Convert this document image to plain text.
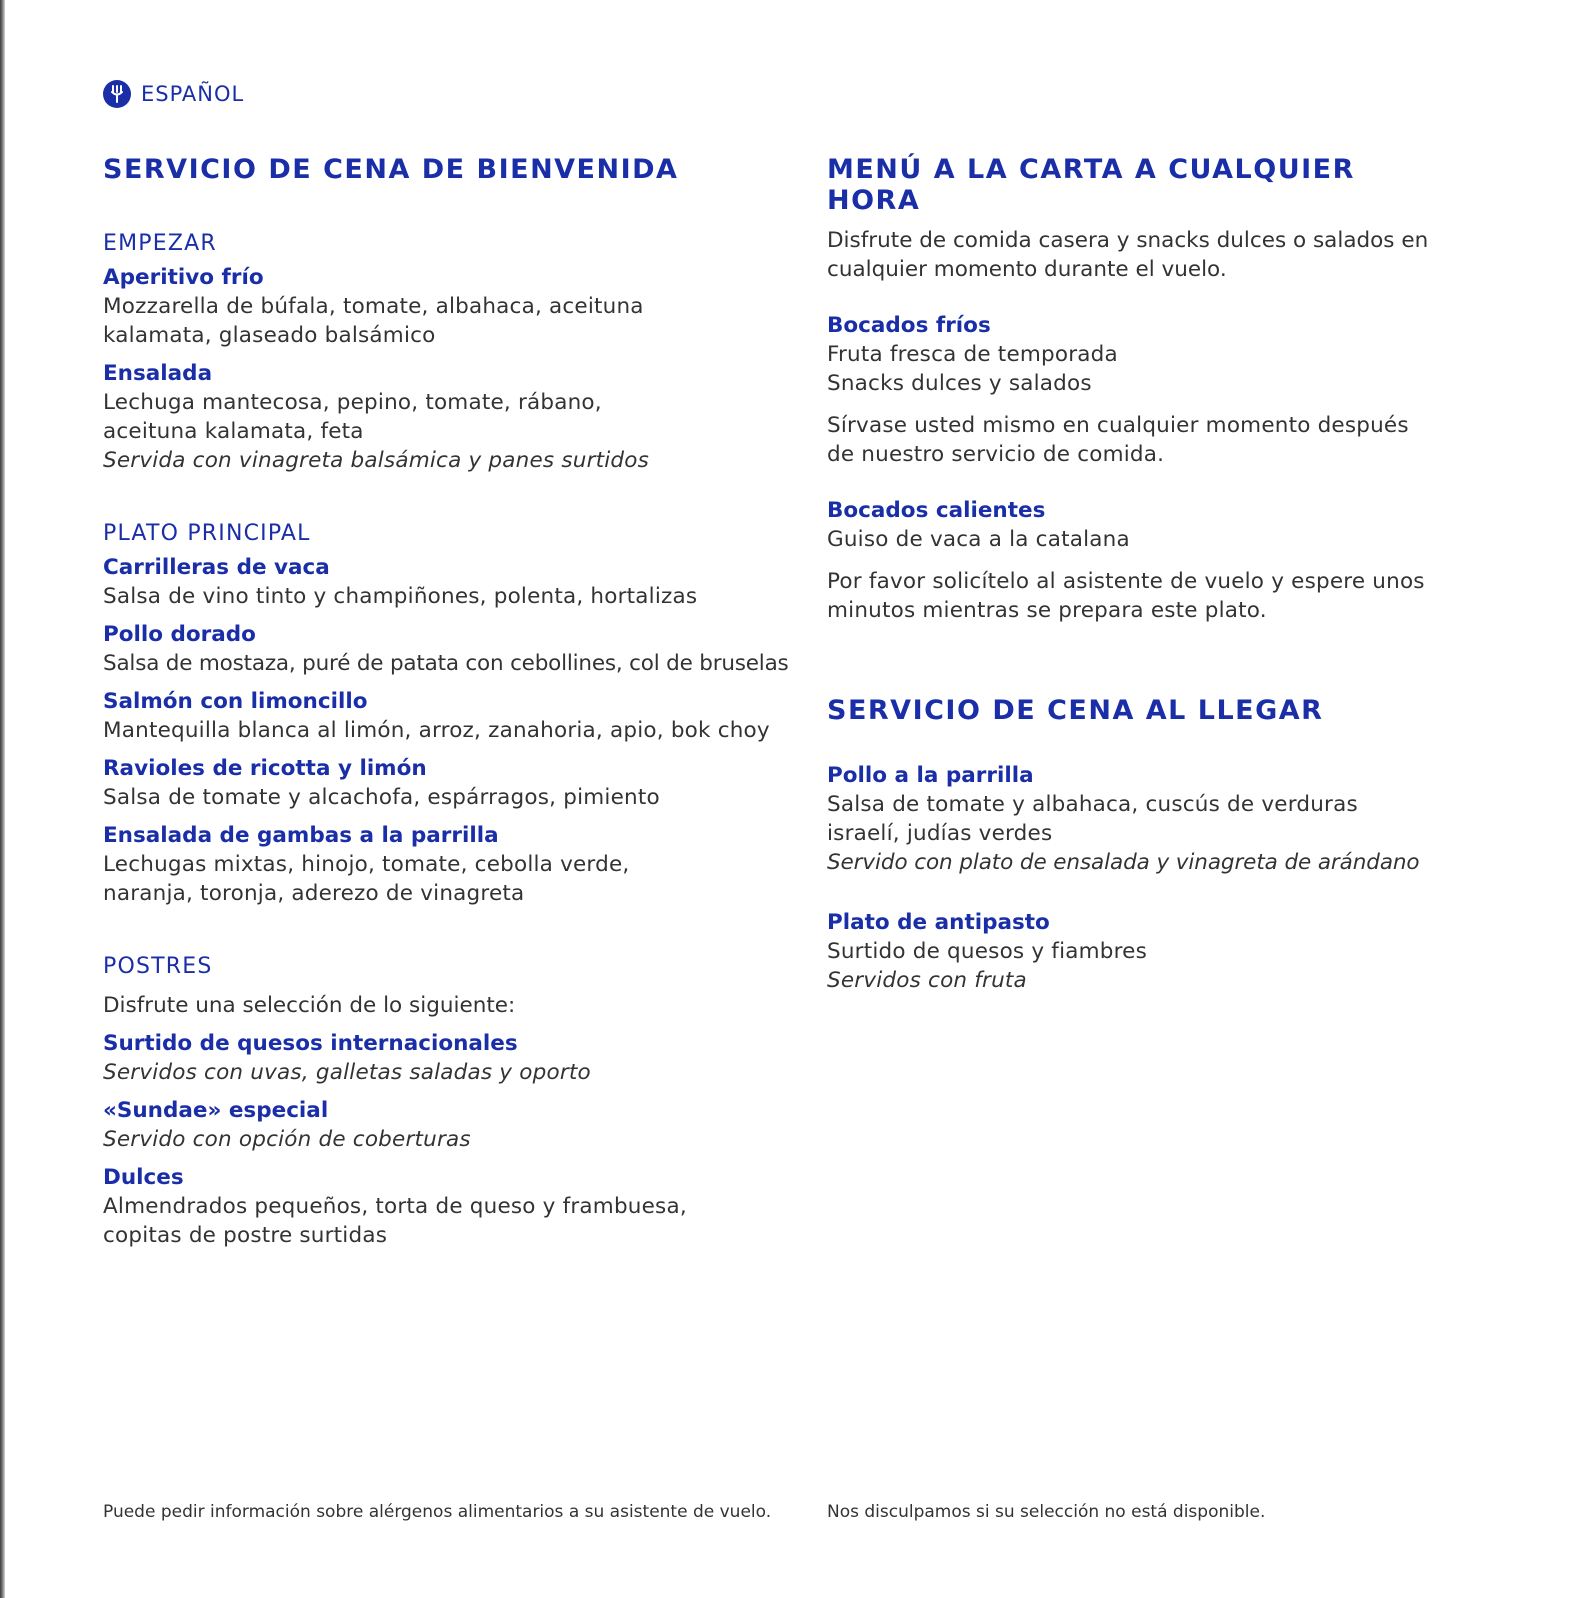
ESPAÑOL
SERVICIO DE CENA DE BIENVENIDA
EMPEZAR
Aperitivo frío
Mozzarella de búfala, tomate, albahaca, aceituna kalamata, glaseado balsámico
Ensalada
Lechuga mantecosa, pepino, tomate, rábano, aceituna kalamata, feta
Servida con vinagreta balsámica y panes surtidos
PLATO PRINCIPAL
Carrilleras de vaca
Salsa de vino tinto y champiñones, polenta, hortalizas
Pollo dorado
Salsa de mostaza, puré de patata con cebollines, col de bruselas
Salmón con limoncillo
Mantequilla blanca al limón, arroz, zanahoria, apio, bok choy
Ravioles de ricotta y limón
Salsa de tomate y alcachofa, espárragos, pimiento
Ensalada de gambas a la parrilla
Lechugas mixtas, hinojo, tomate, cebolla verde, naranja, toronja, aderezo de vinagreta
POSTRES
Disfrute una selección de lo siguiente:
Surtido de quesos internacionales
Servidos con uvas, galletas saladas y oporto
«Sundae» especial
Servido con opción de coberturas
Dulces
Almendrados pequeños, torta de queso y frambuesa, copitas de postre surtidas
MENÚ A LA CARTA A CUALQUIER HORA
Disfrute de comida casera y snacks dulces o salados en cualquier momento durante el vuelo.
Bocados fríos
Fruta fresca de temporada
Snacks dulces y salados
Sírvase usted mismo en cualquier momento después de nuestro servicio de comida.
Bocados calientes
Guiso de vaca a la catalana
Por favor solicítelo al asistente de vuelo y espere unos minutos mientras se prepara este plato.
SERVICIO DE CENA AL LLEGAR
Pollo a la parrilla
Salsa de tomate y albahaca, cuscús de verduras israelí, judías verdes
Servido con plato de ensalada y vinagreta de arándano
Plato de antipasto
Surtido de quesos y fiambres
Servidos con fruta
Puede pedir información sobre alérgenos alimentarios a su asistente de vuelo.	Nos disculpamos si su selección no está disponible.
